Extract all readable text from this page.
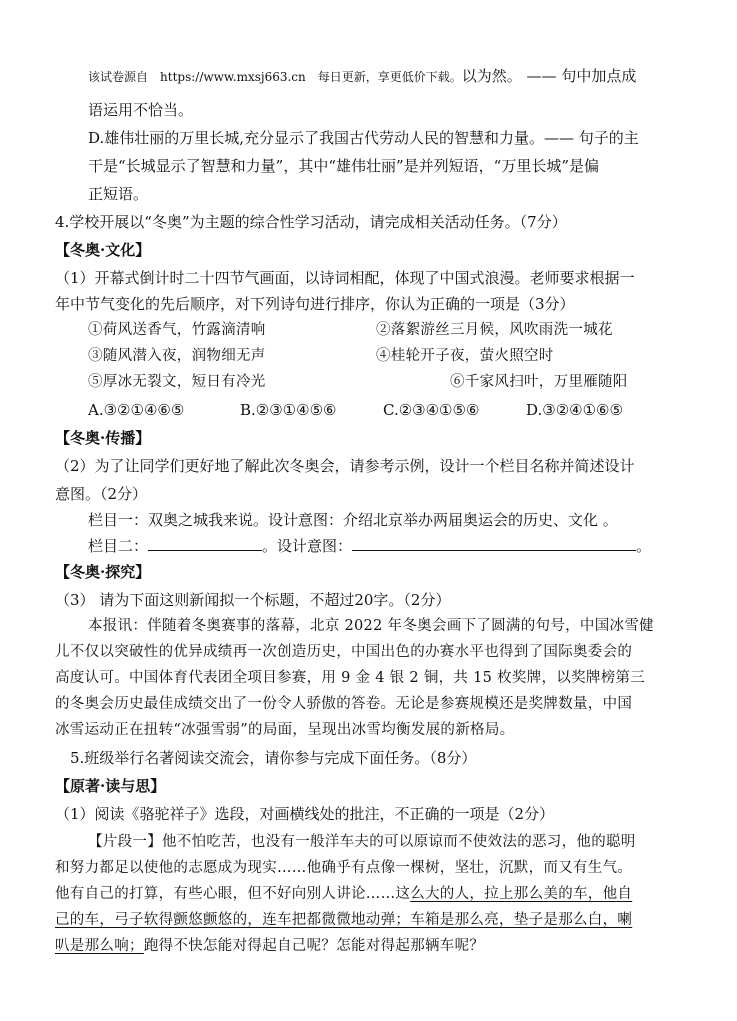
该试卷源自 https://www.mxsj663.cn 每日更新，享更低价下载。以为然。 —— 句中加点成
语运用不恰当。
D.雄伟壮丽的万里长城,充分显示了我国古代劳动人民的智慧和力量。—— 句子的主
干是“长城显示了智慧和力量”，其中“雄伟壮丽”是并列短语，“万里长城”是偏
正短语。
4.学校开展以“冬奥”为主题的综合性学习活动，请完成相关活动任务。（7分）
【冬奥·文化】
（1）开幕式倒计时二十四节气画面，以诗词相配，体现了中国式浪漫。老师要求根据一
年中节气变化的先后顺序，对下列诗句进行排序，你认为正确的一项是（3分）
①荷风送香气，竹露滴清响	②落絮游丝三月候，风吹雨洗一城花
③随风潜入夜，润物细无声	④桂轮开子夜，萤火照空时
⑤厚冰无裂文，短日有冷光	⑥千家风扫叶，万里雁随阳
A.③②①④⑥⑤	B.②③①④⑤⑥	C.②③④①⑤⑥	D.③②④①⑥⑤
【冬奥·传播】
（2）为了让同学们更好地了解此次冬奥会，请参考示例，设计一个栏目名称并简述设计
意图。（2分）
栏目一：双奥之城我来说。设计意图：介绍北京举办两届奥运会的历史、文化 。
栏目二：	。设计意图：	。
【冬奥·探究】
（3） 请为下面这则新闻拟一个标题，不超过20字。（2分）
本报讯：伴随着冬奥赛事的落幕，北京 2022 年冬奥会画下了圆满的句号，中国冰雪健
儿不仅以突破性的优异成绩再一次创造历史，中国出色的办赛水平也得到了国际奥委会的
高度认可。中国体育代表团全项目参赛，用 9 金 4 银 2 铜，共 15 枚奖牌，以奖牌榜第三
的冬奥会历史最佳成绩交出了一份令人骄傲的答卷。无论是参赛规模还是奖牌数量，中国
冰雪运动正在扭转“冰强雪弱”的局面，呈现出冰雪均衡发展的新格局。
5.班级举行名著阅读交流会，请你参与完成下面任务。（8分）
【原著·读与思】
（1）阅读《骆驼祥子》选段，对画横线处的批注，不正确的一项是（2分）
【片段一】他不怕吃苦，也没有一般洋车夫的可以原谅而不使效法的恶习，他的聪明
和努力都足以使他的志愿成为现实……他确乎有点像一棵树，坚壮，沉默，而又有生气。
他有自己的打算，有些心眼，但不好向别人讲论……这么大的人，拉上那么美的车，他自
己的车，弓子软得颤悠颤悠的，连车把都微微地动弹；车箱是那么亮，垫子是那么白，喇
叭是那么响；跑得不快怎能对得起自己呢？怎能对得起那辆车呢？
